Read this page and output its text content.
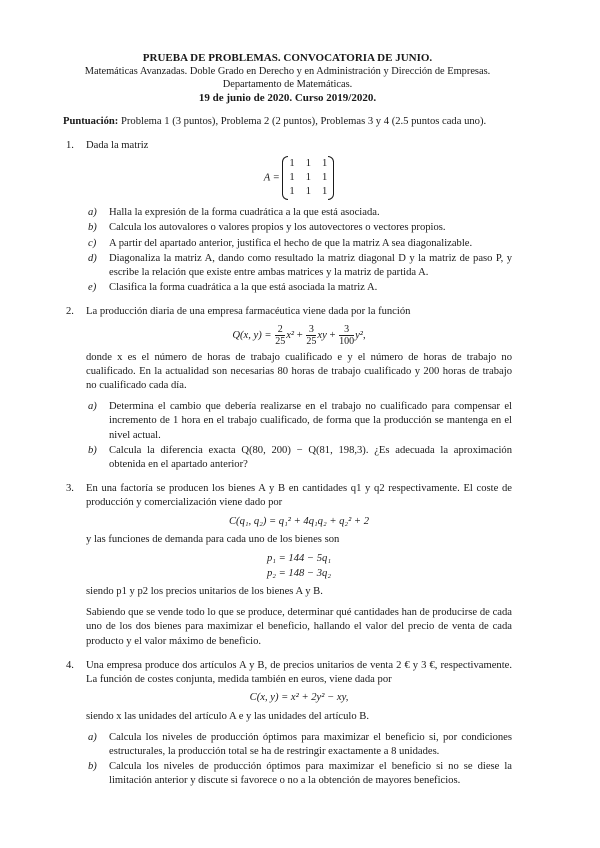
PRUEBA DE PROBLEMAS. CONVOCATORIA DE JUNIO.
Matemáticas Avanzadas. Doble Grado en Derecho y en Administración y Dirección de Empresas.
Departamento de Matemáticas.
19 de junio de 2020. Curso 2019/2020.
Puntuación: Problema 1 (3 puntos), Problema 2 (2 puntos), Problemas 3 y 4 (2.5 puntos cada uno).
1. Dada la matriz
A =
1 1 1
1 1 1
1 1 1
a) Halla la expresión de la forma cuadrática a la que está asociada.
b) Calcula los autovalores o valores propios y los autovectores o vectores propios.
c) A partir del apartado anterior, justifica el hecho de que la matriz A sea diagonalizable.
d) Diagonaliza la matriz A, dando como resultado la matriz diagonal D y la matriz de paso P, y escribe la relación que existe entre ambas matrices y la matriz de partida A.
e) Clasifica la forma cuadrática a la que está asociada la matriz A.
2. La producción diaria de una empresa farmacéutica viene dada por la función
Q(x, $y) = \frac{2}{25} x^2 + \frac{3}{25}$ xy + $\frac{3}{100} y^2$,
donde x es el número de horas de trabajo cualificado e y el número de horas de trabajo no cualificado. En la actualidad son necesarias 80 horas de trabajo cualificado y 200 horas de trabajo no cualificado cada día.
a) Determina el cambio que debería realizarse en el trabajo no cualificado para compensar el incremento de 1 hora en el trabajo cualificado, de forma que la producción se mantenga en el nivel actual.
b) Calcula la diferencia exacta Q(80, 200) − Q(81, 198,3). ¿Es adecuada la aproximación obtenida en el apartado anterior?
3. En una factoría se producen los bienes A y B en cantidades q1 y q2 respectivamente. El coste de producción y comercialización viene dado por
C(q₁, q₂) = q₁² + 4q₁q₂ + q₂² + 2
y las funciones de demanda para cada uno de los bienes son
p₁ = 144 − 5q₁
p₂ = 148 − 3q₂
siendo p1 y p2 los precios unitarios de los bienes A y B.
Sabiendo que se vende todo lo que se produce, determinar qué cantidades han de producirse de cada uno de los dos bienes para maximizar el beneficio, hallando el valor del precio de venta de cada producto y el valor máximo de beneficio.
4. Una empresa produce dos artículos A y B, de precios unitarios de venta 2 € y 3 €, respectivamente. La función de costes conjunta, medida también en euros, viene dada por
C(x, y) = x² + 2y² − xy,
siendo x las unidades del artículo A e y las unidades del artículo B.
a) Calcula los niveles de producción óptimos para maximizar el beneficio si, por condiciones estructurales, la producción total se ha de restringir exactamente a 8 unidades.
b) Calcula los niveles de producción óptimos para maximizar el beneficio si no se diese la limitación anterior y discute si favorece o no a la obtención de mayores beneficios.
